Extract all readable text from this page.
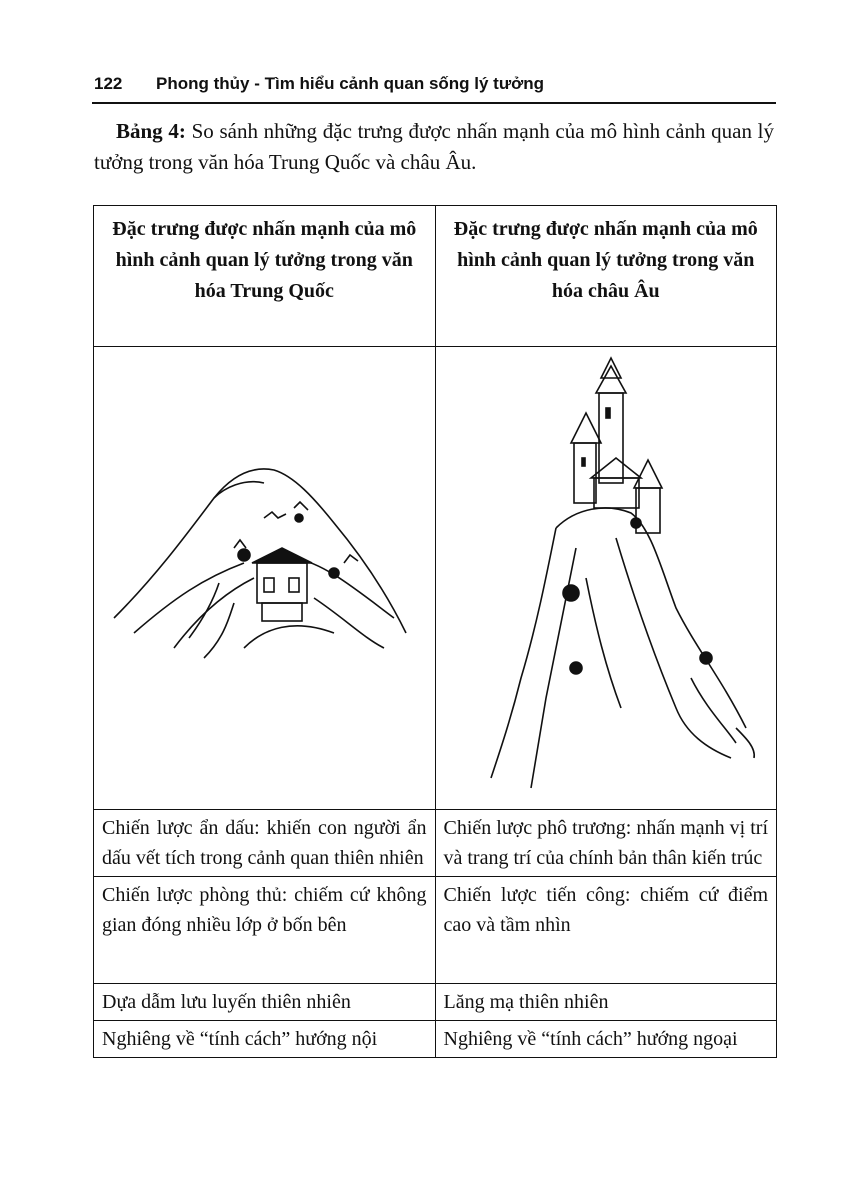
122 Phong thủy - Tìm hiểu cảnh quan sống lý tưởng
Bảng 4: So sánh những đặc trưng được nhấn mạnh của mô hình cảnh quan lý tưởng trong văn hóa Trung Quốc và châu Âu.
Đặc trưng được nhấn mạnh của mô hình cảnh quan lý tưởng trong văn hóa Trung Quốc	Đặc trưng được nhấn mạnh của mô hình cảnh quan lý tưởng trong văn hóa châu Âu

Chiến lược ẩn dấu: khiến con người ẩn dấu vết tích trong cảnh quan thiên nhiên	Chiến lược phô trương: nhấn mạnh vị trí và trang trí của chính bản thân kiến trúc
Chiến lược phòng thủ: chiếm cứ không gian đóng nhiều lớp ở bốn bên	Chiến lược tiến công: chiếm cứ điểm cao và tầm nhìn
Dựa dẫm lưu luyến thiên nhiên	Lăng mạ thiên nhiên
Nghiêng về “tính cách” hướng nội	Nghiêng về “tính cách” hướng ngoại
